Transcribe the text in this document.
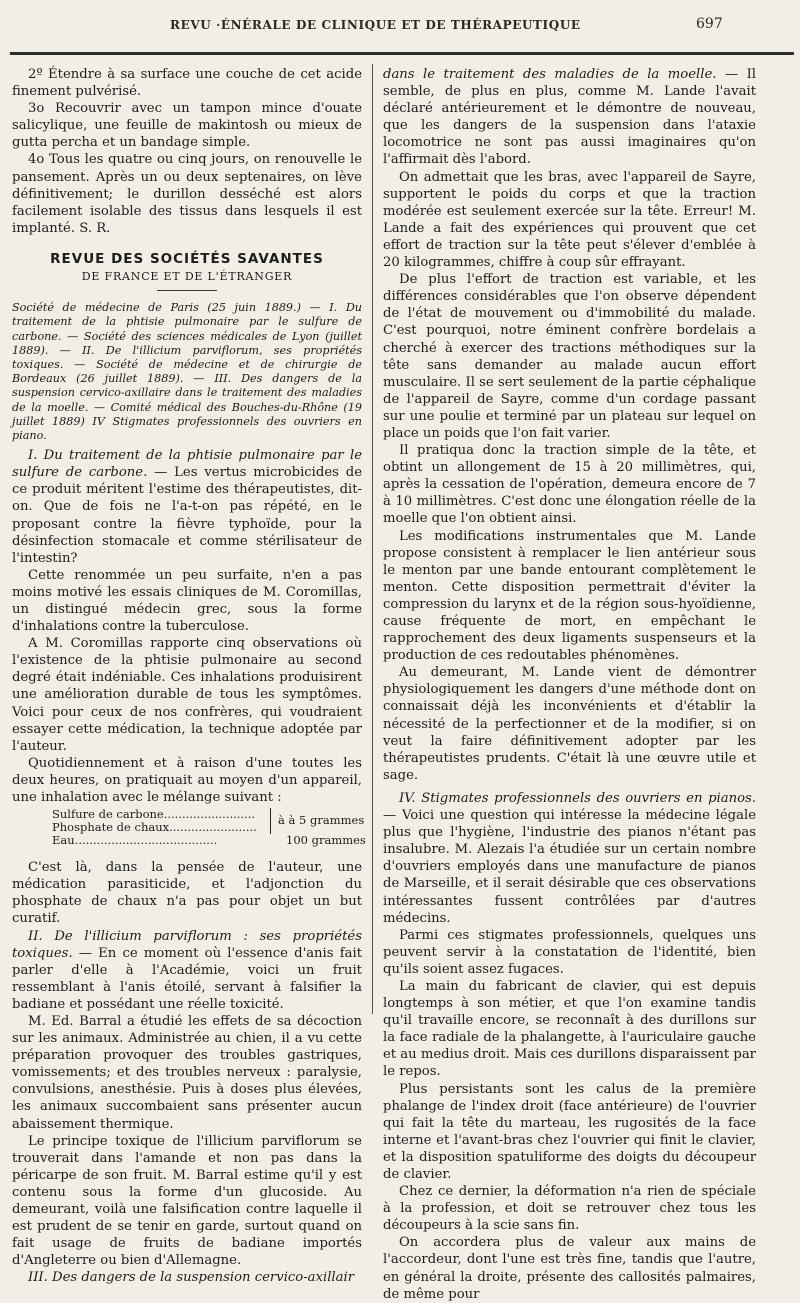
REVU ·ÉNÉRALE DE CLINIQUE ET DE THÉRAPEUTIQUE	697

2º Étendre à sa surface une couche de cet acide finement pulvérisé.

3o Recouvrir avec un tampon mince d'ouate salicylique, une feuille de makintosh ou mieux de gutta percha et un bandage simple.

4o Tous les quatre ou cinq jours, on renouvelle le pansement. Après un ou deux septenaires, on lève définitivement; le durillon desséché est alors facilement isolable des tissus dans lesquels il est implanté. S. R.

REVUE DES SOCIÉTÉS SAVANTES

DE FRANCE ET DE L'ÉTRANGER

Société de médecine de Paris (25 juin 1889.) — I. Du traitement de la phtisie pulmonaire par le sulfure de carbone. — Société des sciences médicales de Lyon (juillet 1889). — II. De l'illicium parviflorum, ses propriétés toxiques. — Société de médecine et de chirurgie de Bordeaux (26 juillet 1889). — III. Des dangers de la suspension cervico-axillaire dans le traitement des maladies de la moelle. — Comité médical des Bouches-du-Rhône (19 juillet 1889) IV Stigmates professionnels des ouvriers en piano.

I. Du traitement de la phtisie pulmonaire par le sulfure de carbone. — Les vertus microbicides de ce produit méritent l'estime des thérapeutistes, dit-on. Que de fois ne l'a-t-on pas répété, en le proposant contre la fièvre typhoïde, pour la désinfection stomacale et comme stérilisateur de l'intestin?

Cette renommée un peu surfaite, n'en a pas moins motivé les essais cliniques de M. Coromillas, un distingué médecin grec, sous la forme d'inhalations contre la tuberculose.

A M. Coromillas rapporte cinq observations où l'existence de la phtisie pulmonaire au second degré était indéniable. Ces inhalations produisirent une amélioration durable de tous les symptômes. Voici pour ceux de nos confrères, qui voudraient essayer cette médication, la technique adoptée par l'auteur.

Quotidiennement et à raison d'une toutes les deux heures, on pratiquait au moyen d'un appareil, une inhalation avec le mélange suivant :

Sulfure de carbone.........................
Phosphate de chaux........................
Eau.......................................
à à 5 grammes
100 grammes

C'est là, dans la pensée de l'auteur, une médication parasiticide, et l'adjonction du phosphate de chaux n'a pas pour objet un but curatif.

II. De l'illicium parviflorum : ses propriétés toxiques. — En ce moment où l'essence d'anis fait parler d'elle à l'Académie, voici un fruit ressemblant à l'anis étoilé, servant à falsifier la badiane et possédant une réelle toxicité.

M. Ed. Barral a étudié les effets de sa décoction sur les animaux. Administrée au chien, il a vu cette préparation provoquer des troubles gastriques, vomissements; et des troubles nerveux : paralysie, convulsions, anesthésie. Puis à doses plus élevées, les animaux succombaient sans présenter aucun abaissement thermique.

Le principe toxique de l'illicium parviflorum se trouverait dans l'amande et non pas dans la péricarpe de son fruit. M. Barral estime qu'il y est contenu sous la forme d'un glucoside. Au demeurant, voilà une falsification contre laquelle il est prudent de se tenir en garde, surtout quand on fait usage de fruits de badiane importés d'Angleterre ou bien d'Allemagne.

III. Des dangers de la suspension cervico-axillair

dans le traitement des maladies de la moelle. — Il semble, de plus en plus, comme M. Lande l'avait déclaré antérieurement et le démontre de nouveau, que les dangers de la suspension dans l'ataxie locomotrice ne sont pas aussi imaginaires qu'on l'affirmait dès l'abord.

On admettait que les bras, avec l'appareil de Sayre, supportent le poids du corps et que la traction modérée est seulement exercée sur la tête. Erreur! M. Lande a fait des expériences qui prouvent que cet effort de traction sur la tête peut s'élever d'emblée à 20 kilogrammes, chiffre à coup sûr effrayant.

De plus l'effort de traction est variable, et les différences considérables que l'on observe dépendent de l'état de mouvement ou d'immobilité du malade. C'est pourquoi, notre éminent confrère bordelais a cherché à exercer des tractions méthodiques sur la tête sans demander au malade aucun effort musculaire. Il se sert seulement de la partie céphalique de l'appareil de Sayre, comme d'un cordage passant sur une poulie et terminé par un plateau sur lequel on place un poids que l'on fait varier.

Il pratiqua donc la traction simple de la tête, et obtint un allongement de 15 à 20 millimètres, qui, après la cessation de l'opération, demeura encore de 7 à 10 millimètres. C'est donc une élongation réelle de la moelle que l'on obtient ainsi.

Les modifications instrumentales que M. Lande propose consistent à remplacer le lien antérieur sous le menton par une bande entourant complètement le menton. Cette disposition permettrait d'éviter la compression du larynx et de la région sous-hyoïdienne, cause fréquente de mort, en empêchant le rapprochement des deux ligaments suspenseurs et la production de ces redoutables phénomènes.

Au demeurant, M. Lande vient de démontrer physiologiquement les dangers d'une méthode dont on connaissait déjà les inconvénients et d'établir la nécessité de la perfectionner et de la modifier, si on veut la faire définitivement adopter par les thérapeutistes prudents. C'était là une œuvre utile et sage.

IV. Stigmates professionnels des ouvriers en pianos. — Voici une question qui intéresse la médecine légale plus que l'hygiène, l'industrie des pianos n'étant pas insalubre. M. Alezais l'a étudiée sur un certain nombre d'ouvriers employés dans une manufacture de pianos de Marseille, et il serait désirable que ces observations intéressantes fussent contrôlées par d'autres médecins.

Parmi ces stigmates professionnels, quelques uns peuvent servir à la constatation de l'identité, bien qu'ils soient assez fugaces.

La main du fabricant de clavier, qui est depuis longtemps à son métier, et que l'on examine tandis qu'il travaille encore, se reconnaît à des durillons sur la face radiale de la phalangette, à l'auriculaire gauche et au medius droit. Mais ces durillons disparaissent par le repos.

Plus persistants sont les calus de la première phalange de l'index droit (face antérieure) de l'ouvrier qui fait la tête du marteau, les rugosités de la face interne et l'avant-bras chez l'ouvrier qui finit le clavier, et la disposition spatuliforme des doigts du découpeur de clavier.

Chez ce dernier, la déformation n'a rien de spéciale à la profession, et doit se retrouver chez tous les découpeurs à la scie sans fin.

On accordera plus de valeur aux mains de l'accordeur, dont l'une est très fine, tandis que l'autre, en général la droite, présente des callosités palmaires, de même pour
